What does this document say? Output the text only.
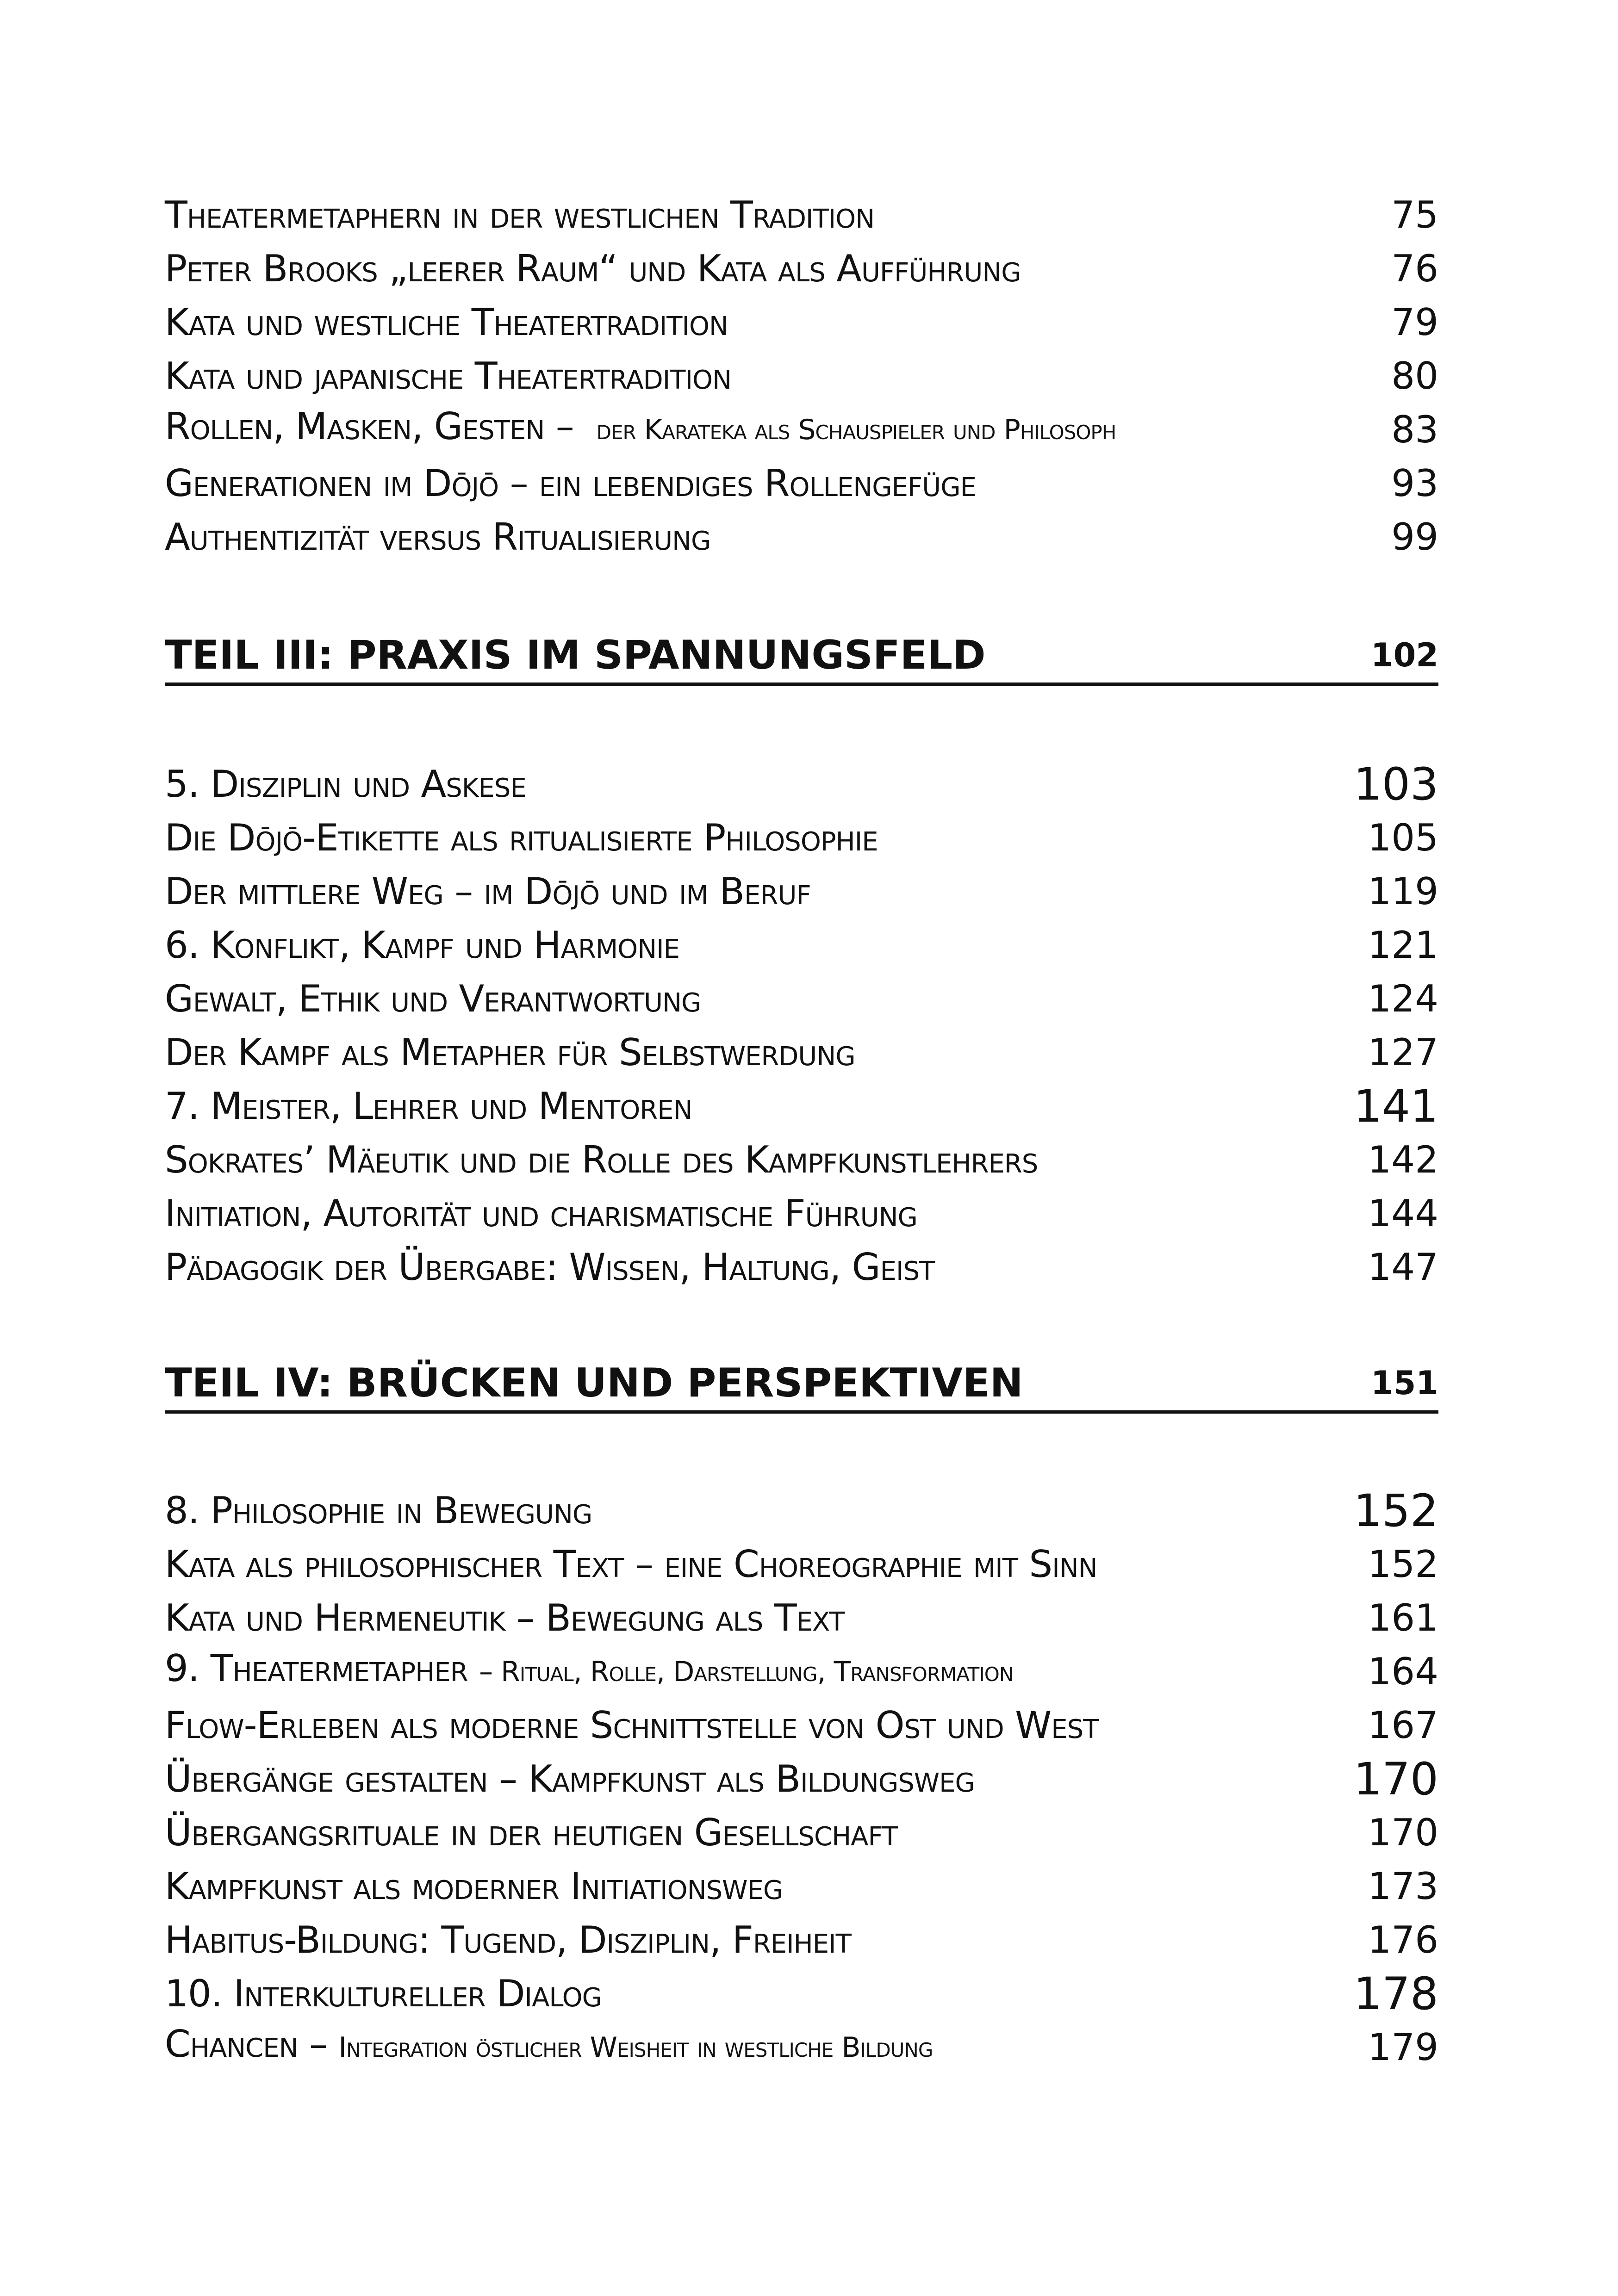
Theatermetaphern in der westlichen Tradition	75
Peter Brooks „leerer Raum“ und Kata als Aufführung	76
Kata und westliche Theatertradition	79
Kata und japanische Theatertradition	80
Rollen, Masken, Gesten – der Karateka als Schauspieler und Philosoph	83
Generationen im Dōjō – ein lebendiges Rollengefüge	93
Authentizität versus Ritualisierung	99
TEIL III: PRAXIS IM SPANNUNGSFELD	102
5. Disziplin und Askese	103
Die Dōjō-Etikette als ritualisierte Philosophie	105
Der mittlere Weg – im Dōjō und im Beruf	119
6. Konflikt, Kampf und Harmonie	121
Gewalt, Ethik und Verantwortung	124
Der Kampf als Metapher für Selbstwerdung	127
7. Meister, Lehrer und Mentoren	141
Sokrates’ Mäeutik und die Rolle des Kampfkunstlehrers	142
Initiation, Autorität und charismatische Führung	144
Pädagogik der Übergabe: Wissen, Haltung, Geist	147
TEIL IV: BRÜCKEN UND PERSPEKTIVEN	151
8. Philosophie in Bewegung	152
Kata als philosophischer Text – eine Choreographie mit Sinn	152
Kata und Hermeneutik – Bewegung als Text	161
9. Theatermetapher – Ritual, Rolle, Darstellung, Transformation	164
Flow-Erleben als moderne Schnittstelle von Ost und West	167
Übergänge gestalten – Kampfkunst als Bildungsweg	170
Übergangsrituale in der heutigen Gesellschaft	170
Kampfkunst als moderner Initiationsweg	173
Habitus-Bildung: Tugend, Disziplin, Freiheit	176
10. Interkultureller Dialog	178
Chancen – Integration östlicher Weisheit in westliche Bildung	179
